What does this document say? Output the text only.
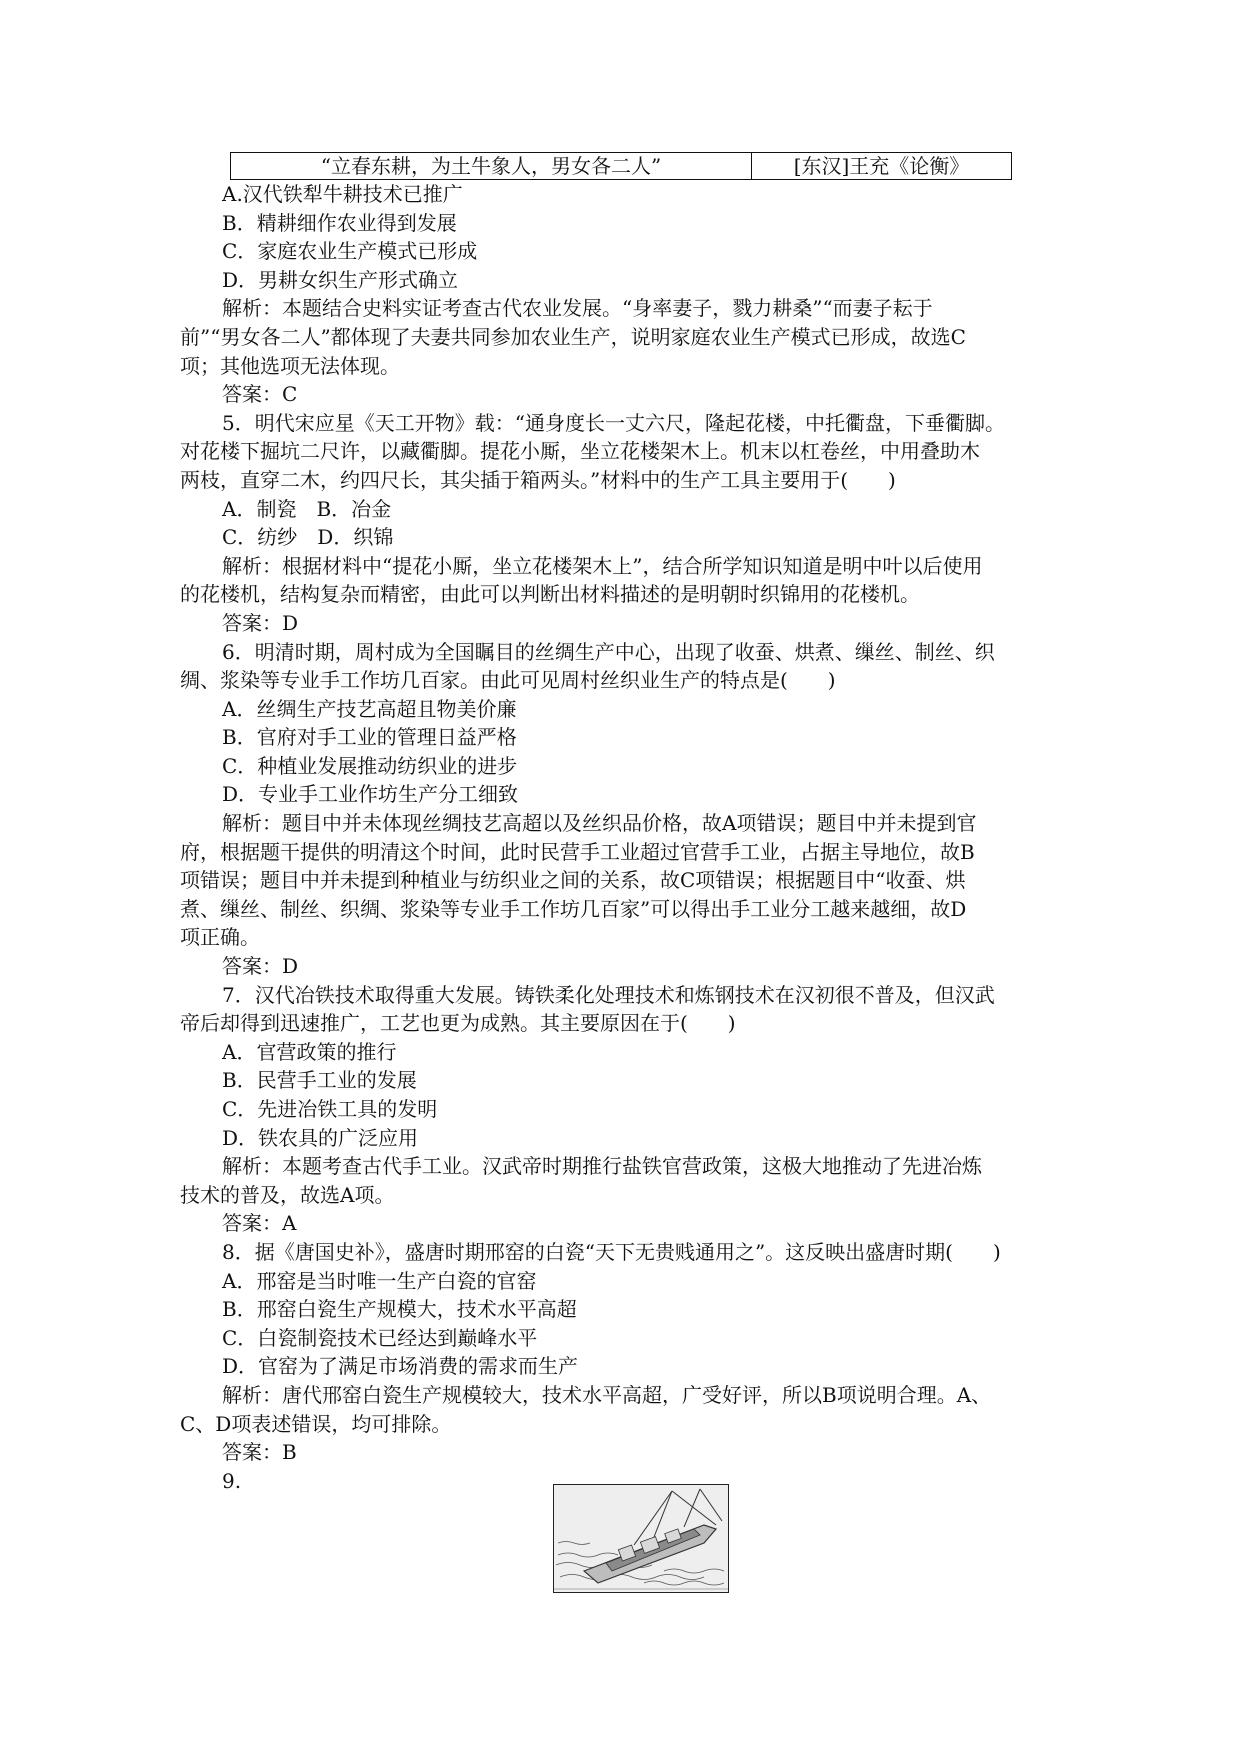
“立春东耕，为土牛象人，男女各二人”	[东汉]王充《论衡》
A.汉代铁犁牛耕技术已推广
B．精耕细作农业得到发展
C．家庭农业生产模式已形成
D．男耕女织生产形式确立
解析：本题结合史料实证考查古代农业发展。“身率妻子，戮力耕桑”“而妻子耘于
前”“男女各二人”都体现了夫妻共同参加农业生产，说明家庭农业生产模式已形成，故选C
项；其他选项无法体现。
答案：C
5．明代宋应星《天工开物》载：“通身度长一丈六尺，隆起花楼，中托衢盘，下垂衢脚。
对花楼下掘坑二尺许，以藏衢脚。提花小厮，坐立花楼架木上。机末以杠卷丝，中用叠助木
两枝，直穿二木，约四尺长，其尖插于箱两头。”材料中的生产工具主要用于(　　)
A．制瓷　B．冶金
C．纺纱　D．织锦
解析：根据材料中“提花小厮，坐立花楼架木上”，结合所学知识知道是明中叶以后使用
的花楼机，结构复杂而精密，由此可以判断出材料描述的是明朝时织锦用的花楼机。
答案：D
6．明清时期，周村成为全国瞩目的丝绸生产中心，出现了收蚕、烘煮、缫丝、制丝、织
绸、浆染等专业手工作坊几百家。由此可见周村丝织业生产的特点是(　　)
A．丝绸生产技艺高超且物美价廉
B．官府对手工业的管理日益严格
C．种植业发展推动纺织业的进步
D．专业手工业作坊生产分工细致
解析：题目中并未体现丝绸技艺高超以及丝织品价格，故A项错误；题目中并未提到官
府，根据题干提供的明清这个时间，此时民营手工业超过官营手工业，占据主导地位，故B
项错误；题目中并未提到种植业与纺织业之间的关系，故C项错误；根据题目中“收蚕、烘
煮、缫丝、制丝、织绸、浆染等专业手工作坊几百家”可以得出手工业分工越来越细，故D
项正确。
答案：D
7．汉代冶铁技术取得重大发展。铸铁柔化处理技术和炼钢技术在汉初很不普及，但汉武
帝后却得到迅速推广，工艺也更为成熟。其主要原因在于(　　)
A．官营政策的推行
B．民营手工业的发展
C．先进冶铁工具的发明
D．铁农具的广泛应用
解析：本题考查古代手工业。汉武帝时期推行盐铁官营政策，这极大地推动了先进冶炼
技术的普及，故选A项。
答案：A
8．据《唐国史补》，盛唐时期邢窑的白瓷“天下无贵贱通用之”。这反映出盛唐时期(　　)
A．邢窑是当时唯一生产白瓷的官窑
B．邢窑白瓷生产规模大，技术水平高超
C．白瓷制瓷技术已经达到巅峰水平
D．官窑为了满足市场消费的需求而生产
解析：唐代邢窑白瓷生产规模较大，技术水平高超，广受好评，所以B项说明合理。A、
C、D项表述错误，均可排除。
答案：B
9.
